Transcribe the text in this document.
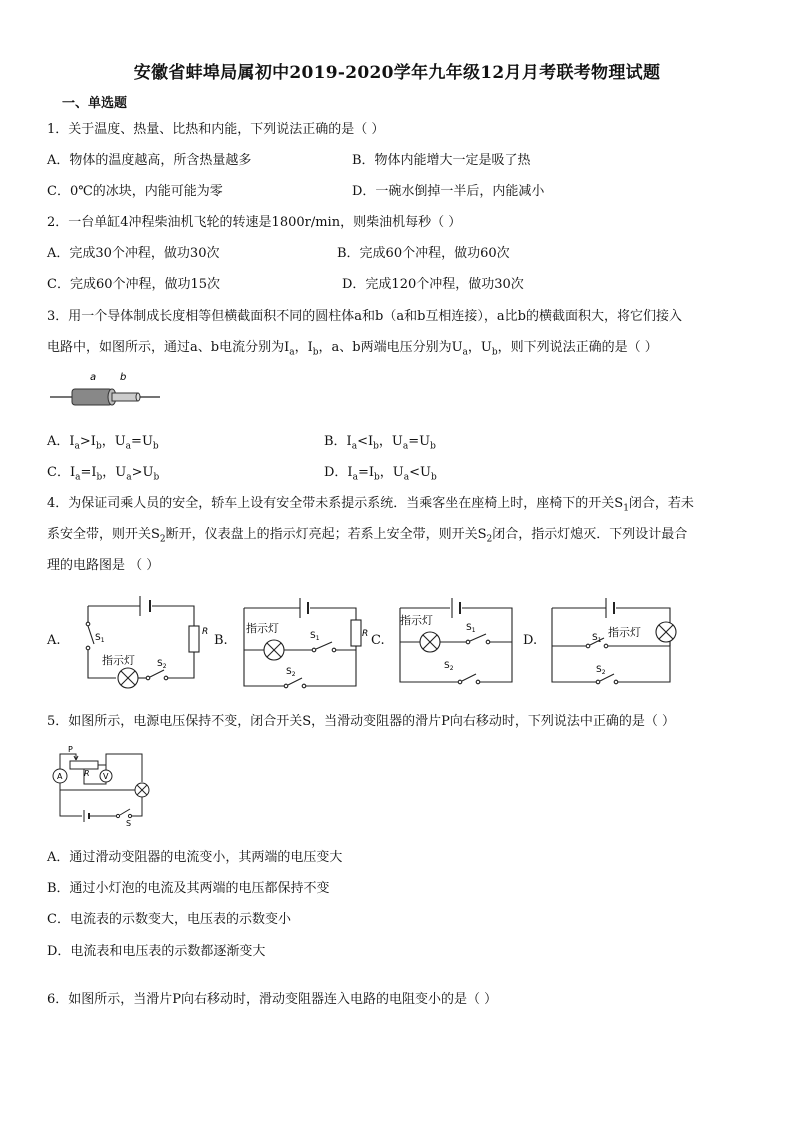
安徽省蚌埠局属初中2019-2020学年九年级12月月考联考物理试题
一、单选题
1．关于温度、热量、比热和内能，下列说法正确的是（ ）
A．物体的温度越高，所含热量越多	B．物体内能增大一定是吸了热
C．0℃的冰块，内能可能为零	D．一碗水倒掉一半后，内能减小
2．一台单缸4冲程柴油机飞轮的转速是1800r/min，则柴油机每秒（ ）
A．完成30个冲程，做功30次	B．完成60个冲程，做功60次
C．完成60个冲程，做功15次	D．完成120个冲程，做功30次
3．用一个导体制成长度相等但横截面积不同的圆柱体a和b（a和b互相连接），a比b的横截面积大，将它们接入
电路中，如图所示，通过a、b电流分别为$I_a$，$I_b$，a、b两端电压分别为$U_a$，$U_b$，则下列说法正确的是（ ）
a b
A．$I_a>I_b$，$U_a=U_b$	B．$I_a<I_b$，$U_a=U_b$
C．$I_a=I_b$，$U_a>U_b$	D．$I_a=I_b$，$U_a<U_b$
4．为保证司乘人员的安全，轿车上设有安全带未系提示系统．当乘客坐在座椅上时，座椅下的开关$S_1$闭合，若未
系安全带，则开关$S_2$断开，仪表盘上的指示灯亮起；若系上安全带，则开关$S_2$闭合，指示灯熄灭．下列设计最合
理的电路图是 （ ）
A.	B.	C.	D.
R
$S_1$
指示灯 $S_2$
R
指示灯
$S_1$
$S_2$
指示灯
$S_1$
$S_2$
$S_1$
指示灯
$S_2$
5．如图所示，电源电压保持不变，闭合开关S，当滑动变阻器的滑片P向右移动时，下列说法中正确的是（ ）
P
R
A	V
S
A．通过滑动变阻器的电流变小，其两端的电压变大
B．通过小灯泡的电流及其两端的电压都保持不变
C．电流表的示数变大，电压表的示数变小
D．电流表和电压表的示数都逐渐变大
6．如图所示，当滑片P向右移动时，滑动变阻器连入电路的电阻变小的是（ ）
